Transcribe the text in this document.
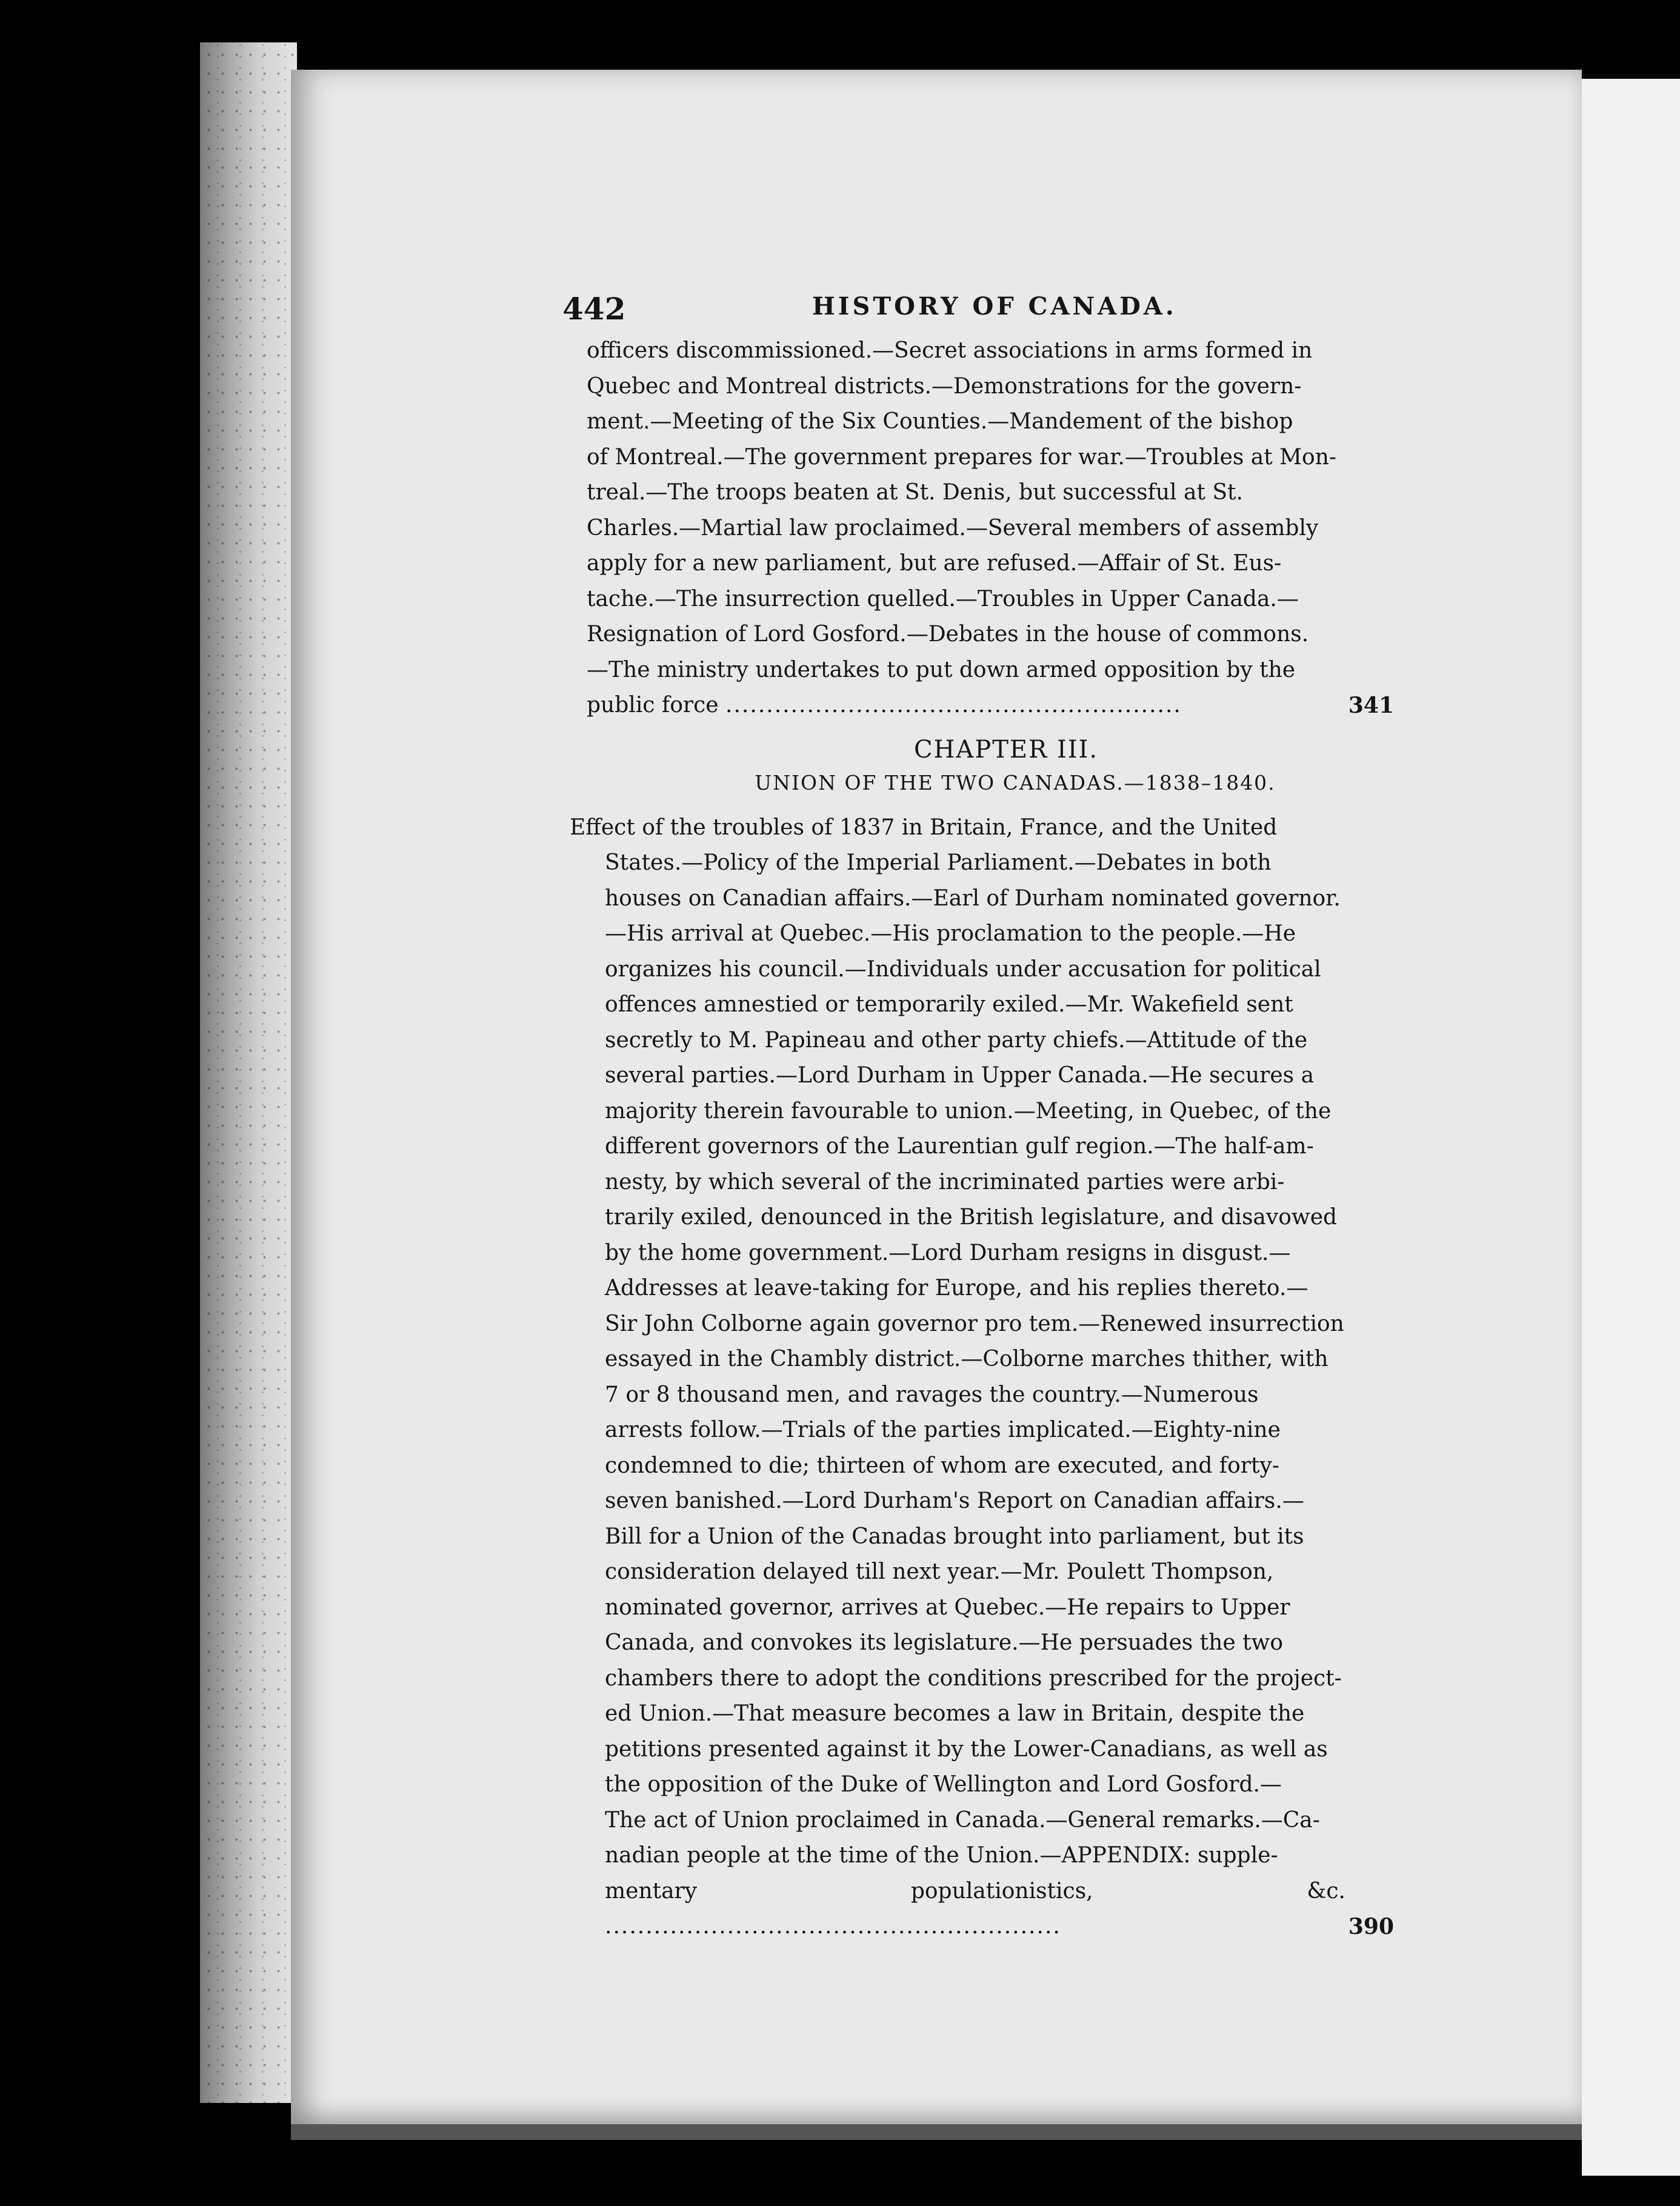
442	HISTORY OF CANADA.
officers discommissioned.—Secret associations in arms formed in
Quebec and Montreal districts.—Demonstrations for the govern-
ment.—Meeting of the Six Counties.—Mandement of the bishop
of Montreal.—The government prepares for war.—Troubles at Mon-
treal.—The troops beaten at St. Denis, but successful at St.
Charles.—Martial law proclaimed.—Several members of assembly
apply for a new parliament, but are refused.—Affair of St. Eus-
tache.—The insurrection quelled.—Troubles in Upper Canada.—
Resignation of Lord Gosford.—Debates in the house of commons.
—The ministry undertakes to put down armed opposition by the
public force ........................................................	341
CHAPTER III.
UNION OF THE TWO CANADAS.—1838–1840.
Effect of the troubles of 1837 in Britain, France, and the United
States.—Policy of the Imperial Parliament.—Debates in both
houses on Canadian affairs.—Earl of Durham nominated governor.
—His arrival at Quebec.—His proclamation to the people.—He
organizes his council.—Individuals under accusation for political
offences amnestied or temporarily exiled.—Mr. Wakefield sent
secretly to M. Papineau and other party chiefs.—Attitude of the
several parties.—Lord Durham in Upper Canada.—He secures a
majority therein favourable to union.—Meeting, in Quebec, of the
different governors of the Laurentian gulf region.—The half-am-
nesty, by which several of the incriminated parties were arbi-
trarily exiled, denounced in the British legislature, and disavowed
by the home government.—Lord Durham resigns in disgust.—
Addresses at leave-taking for Europe, and his replies thereto.—
Sir John Colborne again governor pro tem.—Renewed insurrection
essayed in the Chambly district.—Colborne marches thither, with
7 or 8 thousand men, and ravages the country.—Numerous
arrests follow.—Trials of the parties implicated.—Eighty-nine
condemned to die; thirteen of whom are executed, and forty-
seven banished.—Lord Durham's Report on Canadian affairs.—
Bill for a Union of the Canadas brought into parliament, but its
consideration delayed till next year.—Mr. Poulett Thompson,
nominated governor, arrives at Quebec.—He repairs to Upper
Canada, and convokes its legislature.—He persuades the two
chambers there to adopt the conditions prescribed for the project-
ed Union.—That measure becomes a law in Britain, despite the
petitions presented against it by the Lower-Canadians, as well as
the opposition of the Duke of Wellington and Lord Gosford.—
The act of Union proclaimed in Canada.—General remarks.—Ca-
nadian people at the time of the Union.—APPENDIX: supple-
mentary populationistics, &c. ........................................................	390
